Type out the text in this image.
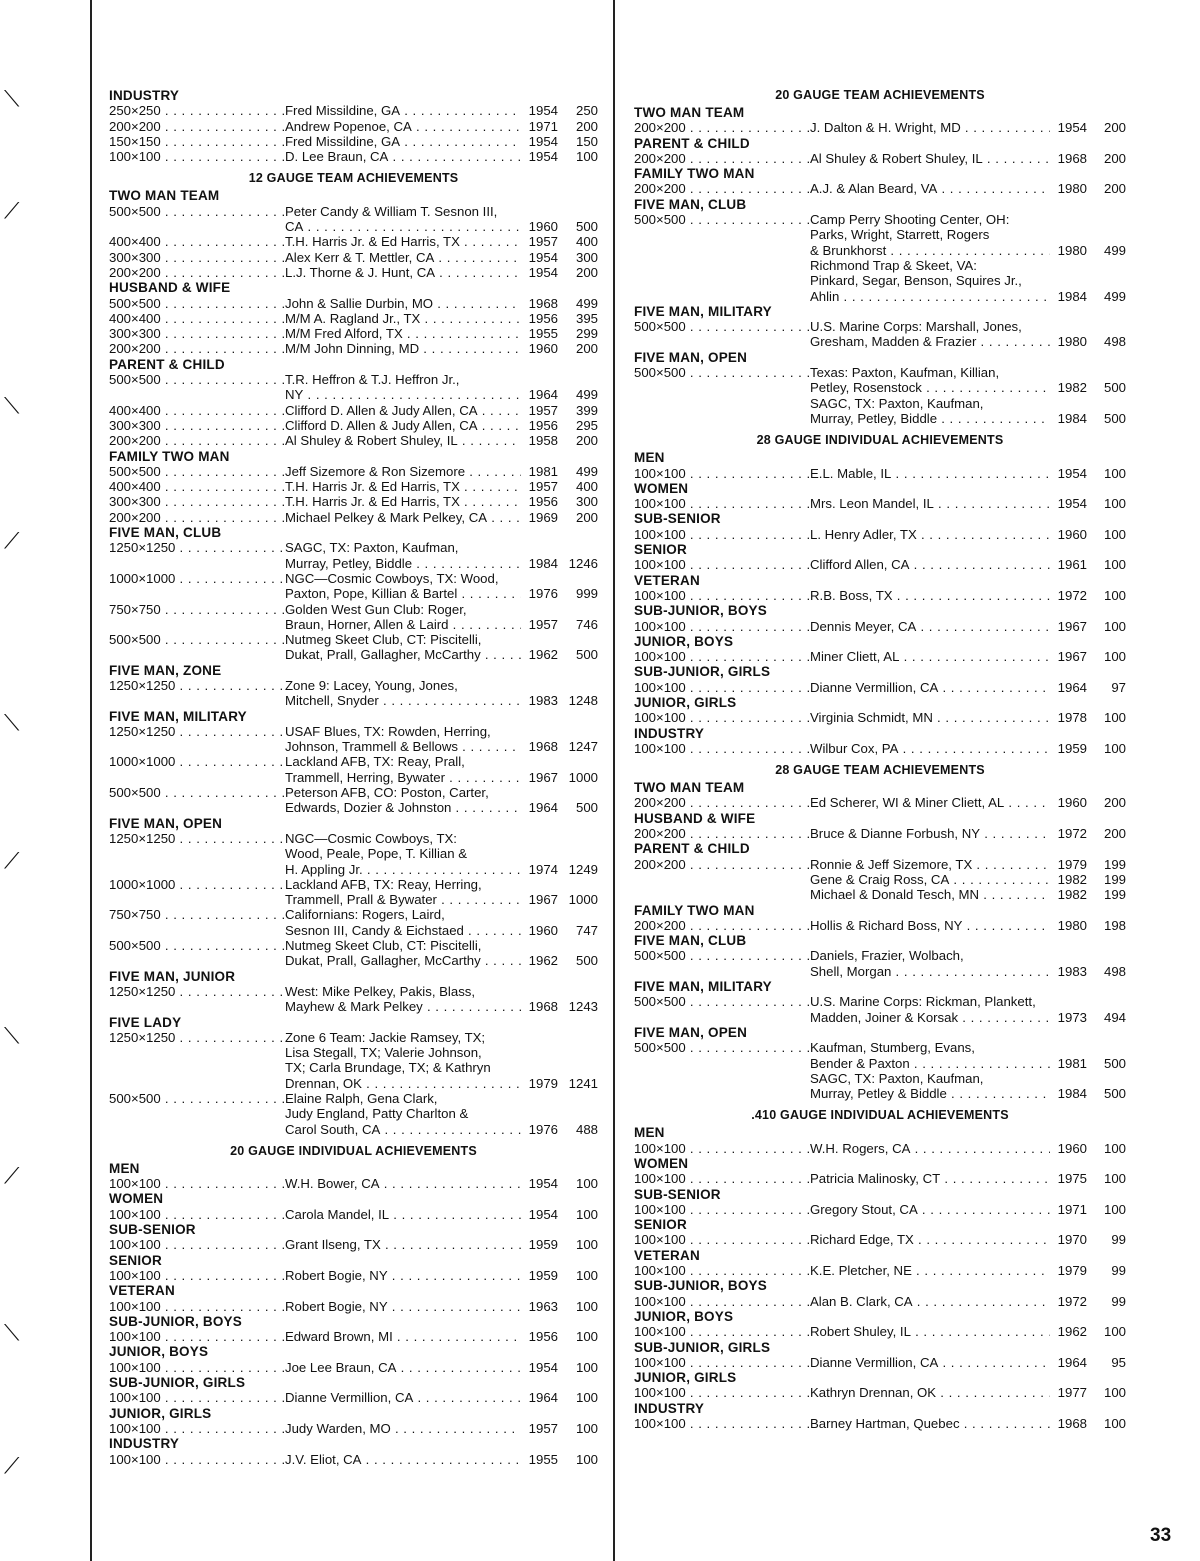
⟍
⟋
⟍
⟋
⟍
⟋
⟍
⟋
⟍
⟋
INDUSTRY
250×250 . . .	Fred Missildine, GA . . .	1954	250
200×200 . . .	Andrew Popenoe, CA . . .	1971	200
150×150 . . .	Fred Missildine, GA . . .	1954	150
100×100 . . .	D. Lee Braun, CA . . .	1954	100
12 GAUGE TEAM ACHIEVEMENTS
TWO MAN TEAM
500×500 . . .	Peter Candy & William T. Sesnon III,
CA . . .	1960	500
400×400 . . .	T.H. Harris Jr. & Ed Harris, TX . . .	1957	400
300×300 . . .	Alex Kerr & T. Mettler, CA . . .	1954	300
200×200 . . .	L.J. Thorne & J. Hunt, CA . . .	1954	200
HUSBAND & WIFE
500×500 . . .	John & Sallie Durbin, MO . . .	1968	499
400×400 . . .	M/M A. Ragland Jr., TX . . .	1956	395
300×300 . . .	M/M Fred Alford, TX . . .	1955	299
200×200 . . .	M/M John Dinning, MD . . .	1960	200
PARENT & CHILD
500×500 . . .	T.R. Heffron & T.J. Heffron Jr.,
NY . . .	1964	499
400×400 . . .	Clifford D. Allen & Judy Allen, CA . . .	1957	399
300×300 . . .	Clifford D. Allen & Judy Allen, CA . . .	1956	295
200×200 . . .	Al Shuley & Robert Shuley, IL . . .	1958	200
FAMILY TWO MAN
500×500 . . .	Jeff Sizemore & Ron Sizemore . . .	1981	499
400×400 . . .	T.H. Harris Jr. & Ed Harris, TX . . .	1957	400
300×300 . . .	T.H. Harris Jr. & Ed Harris, TX . . .	1956	300
200×200 . . .	Michael Pelkey & Mark Pelkey, CA . . .	1969	200
FIVE MAN, CLUB
1250×1250 . . .	SAGC, TX: Paxton, Kaufman,
Murray, Petley, Biddle . . .	1984 1246
1000×1000 . . .	NGC—Cosmic Cowboys, TX: Wood,
Paxton, Pope, Killian & Bartel . . .	1976	999
750×750 . . .	Golden West Gun Club: Roger,
Braun, Horner, Allen & Laird . . .	1957	746
500×500 . . .	Nutmeg Skeet Club, CT: Piscitelli,
Dukat, Prall, Gallagher, McCarthy . . .	1962	500
FIVE MAN, ZONE
1250×1250 . . .	Zone 9: Lacey, Young, Jones,
Mitchell, Snyder . . .	1983 1248
FIVE MAN, MILITARY
1250×1250 . . .	USAF Blues, TX: Rowden, Herring,
Johnson, Trammell & Bellows . . .	1968 1247
1000×1000 . . .	Lackland AFB, TX: Reay, Prall,
Trammell, Herring, Bywater . . .	1967 1000
500×500 . . .	Peterson AFB, CO: Poston, Carter,
Edwards, Dozier & Johnston . . .	1964	500
FIVE MAN, OPEN
1250×1250 . . .	NGC—Cosmic Cowboys, TX:
Wood, Peale, Pope, T. Killian &
H. Appling Jr. . . .	1974 1249
1000×1000 . . .	Lackland AFB, TX: Reay, Herring,
Trammell, Prall & Bywater . . .	1967 1000
750×750 . . .	Californians: Rogers, Laird,
Sesnon III, Candy & Eichstaed . . .	1960	747
500×500 . . .	Nutmeg Skeet Club, CT: Piscitelli,
Dukat, Prall, Gallagher, McCarthy . . .	1962	500
FIVE MAN, JUNIOR
1250×1250 . . .	West: Mike Pelkey, Pakis, Blass,
Mayhew & Mark Pelkey . . .	1968 1243
FIVE LADY
1250×1250 . . .	Zone 6 Team: Jackie Ramsey, TX;
Lisa Stegall, TX; Valerie Johnson,
TX; Carla Brundage, TX; & Kathryn
Drennan, OK . . .	1979 1241
500×500 . . .	Elaine Ralph, Gena Clark,
Judy England, Patty Charlton &
Carol South, CA . . .	1976	488
20 GAUGE INDIVIDUAL ACHIEVEMENTS
MEN
100×100 . . .	W.H. Bower, CA . . .	1954	100
WOMEN
100×100 . . .	Carola Mandel, IL . . .	1954	100
SUB-SENIOR
100×100 . . .	Grant Ilseng, TX . . .	1959	100
SENIOR
100×100 . . .	Robert Bogie, NY . . .	1959	100
VETERAN
100×100 . . .	Robert Bogie, NY . . .	1963	100
SUB-JUNIOR, BOYS
100×100 . . .	Edward Brown, MI . . .	1956	100
JUNIOR, BOYS
100×100 . . .	Joe Lee Braun, CA . . .	1954	100
SUB-JUNIOR, GIRLS
100×100 . . .	Dianne Vermillion, CA . . .	1964	100
JUNIOR, GIRLS
100×100 . . .	Judy Warden, MO . . .	1957	100
INDUSTRY
100×100 . . .	J.V. Eliot, CA . . .	1955	100
20 GAUGE TEAM ACHIEVEMENTS
TWO MAN TEAM
200×200 . . .	J. Dalton & H. Wright, MD . . .	1954	200
PARENT & CHILD
200×200 . . .	Al Shuley & Robert Shuley, IL . . .	1968	200
FAMILY TWO MAN
200×200 . . .	A.J. & Alan Beard, VA . . .	1980	200
FIVE MAN, CLUB
500×500 . . .	Camp Perry Shooting Center, OH:
Parks, Wright, Starrett, Rogers
& Brunkhorst . . .	1980	499
Richmond Trap & Skeet, VA:
Pinkard, Segar, Benson, Squires Jr.,
Ahlin . . .	1984	499
FIVE MAN, MILITARY
500×500 . . .	U.S. Marine Corps: Marshall, Jones,
Gresham, Madden & Frazier . . .	1980	498
FIVE MAN, OPEN
500×500 . . .	Texas: Paxton, Kaufman, Killian,
Petley, Rosenstock . . .	1982	500
SAGC, TX: Paxton, Kaufman,
Murray, Petley, Biddle . . .	1984	500
28 GAUGE INDIVIDUAL ACHIEVEMENTS
MEN
100×100 . . .	E.L. Mable, IL . . .	1954	100
WOMEN
100×100 . . .	Mrs. Leon Mandel, IL . . .	1954	100
SUB-SENIOR
100×100 . . .	L. Henry Adler, TX . . .	1960	100
SENIOR
100×100 . . .	Clifford Allen, CA . . .	1961	100
VETERAN
100×100 . . .	R.B. Boss, TX . . .	1972	100
SUB-JUNIOR, BOYS
100×100 . . .	Dennis Meyer, CA . . .	1967	100
JUNIOR, BOYS
100×100 . . .	Miner Cliett, AL . . .	1967	100
SUB-JUNIOR, GIRLS
100×100 . . .	Dianne Vermillion, CA . . .	1964	97
JUNIOR, GIRLS
100×100 . . .	Virginia Schmidt, MN . . .	1978	100
INDUSTRY
100×100 . . .	Wilbur Cox, PA . . .	1959	100
28 GAUGE TEAM ACHIEVEMENTS
TWO MAN TEAM
200×200 . . .	Ed Scherer, WI & Miner Cliett, AL . . .	1960	200
HUSBAND & WIFE
200×200 . . .	Bruce & Dianne Forbush, NY . . .	1972	200
PARENT & CHILD
200×200 . . .	Ronnie & Jeff Sizemore, TX . . .	1979	199
Gene & Craig Ross, CA . . .	1982	199
Michael & Donald Tesch, MN . . .	1982	199
FAMILY TWO MAN
200×200 . . .	Hollis & Richard Boss, NY . . .	1980	198
FIVE MAN, CLUB
500×500 . . .	Daniels, Frazier, Wolbach,
Shell, Morgan . . .	1983	498
FIVE MAN, MILITARY
500×500 . . .	U.S. Marine Corps: Rickman, Plankett,
Madden, Joiner & Korsak . . .	1973	494
FIVE MAN, OPEN
500×500 . . .	Kaufman, Stumberg, Evans,
Bender & Paxton . . .	1981	500
SAGC, TX: Paxton, Kaufman,
Murray, Petley & Biddle . . .	1984	500
.410 GAUGE INDIVIDUAL ACHIEVEMENTS
MEN
100×100 . . .	W.H. Rogers, CA . . .	1960	100
WOMEN
100×100 . . .	Patricia Malinosky, CT . . .	1975	100
SUB-SENIOR
100×100 . . .	Gregory Stout, CA . . .	1971	100
SENIOR
100×100 . . .	Richard Edge, TX . . .	1970	99
VETERAN
100×100 . . .	K.E. Pletcher, NE . . .	1979	99
SUB-JUNIOR, BOYS
100×100 . . .	Alan B. Clark, CA . . .	1972	99
JUNIOR, BOYS
100×100 . . .	Robert Shuley, IL . . .	1962	100
SUB-JUNIOR, GIRLS
100×100 . . .	Dianne Vermillion, CA . . .	1964	95
JUNIOR, GIRLS
100×100 . . .	Kathryn Drennan, OK . . .	1977	100
INDUSTRY
100×100 . . .	Barney Hartman, Quebec . . .	1968	100
33
